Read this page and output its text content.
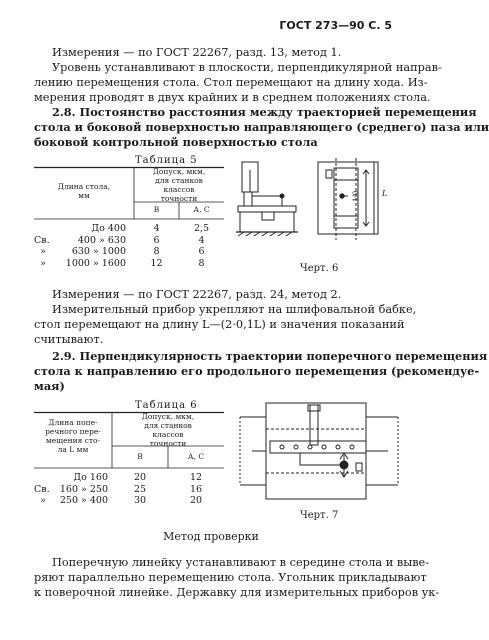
ГОСТ 273—90 С. 5
Измерения — по ГОСТ 22267, разд. 13, метод 1.
Уровень устанавливают в плоскости, перпендикулярной направ-
лению перемещения стола. Стол перемещают на длину хода. Из-
мерения проводят в двух крайних и в среднем положениях стола.
2.8. Постоянство расстояния между траекторией перемещения
стола и боковой поверхностью направляющего (среднего) паза или
боковой контрольной поверхностью стола
Таблица 5
Длина стола,
мм
Допуск, мкм,
для станков
классов
точности
В	А, С
До 400	4	2,5
Св.	400 » 630	6	4
»	630 » 1000	8	6
»	1000 » 1600	12	8
1/0	L
Черт. 6
Измерения — по ГОСТ 22267, разд. 24, метод 2.
Измерительный прибор укрепляют на шлифовальной бабке,
стол перемещают на длину L—(2·0,1L) и значения показаний
считывают.
2.9. Перпендикулярность траектории поперечного перемещения
стола к направлению его продольного перемещения (рекомендуе-
мая)
Таблица 6
Длина попе-
речного пере-
мещения сто-
ла L мм
Допуск, мкм,
для станков
классов
точности
В	А, С
До 160	20	12
Св.	160 » 250	25	16
»	250 » 400	30	20
Черт. 7
Метод проверки
Поперечную линейку устанавливают в середине стола и выве-
ряют параллельно перемещению стола. Угольник прикладывают
к поверочной линейке. Державку для измерительных приборов ук-
